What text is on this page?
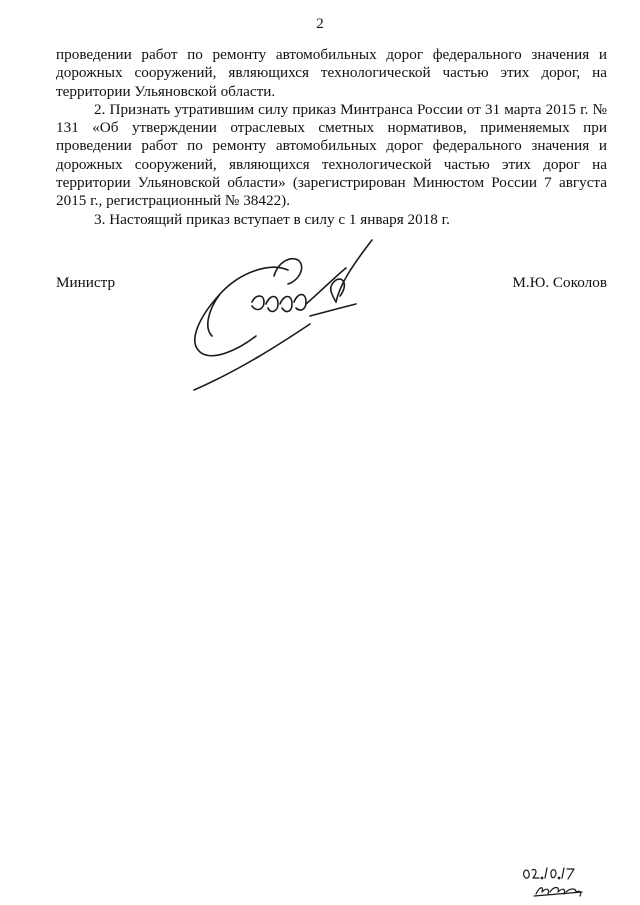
2

проведении работ по ремонту автомобильных дорог федерального значения и дорожных сооружений, являющихся технологической частью этих дорог, на территории Ульяновской области.

2. Признать утратившим силу приказ Минтранса России от 31 марта 2015 г. № 131 «Об утверждении отраслевых сметных нормативов, применяемых при проведении работ по ремонту автомобильных дорог федерального значения и дорожных сооружений, являющихся технологической частью этих дорог на территории Ульяновской области» (зарегистрирован Минюстом России 7 августа 2015 г., регистрационный № 38422).

3. Настоящий приказ вступает в силу с 1 января 2018 г.

Министр	М.Ю. Соколов
